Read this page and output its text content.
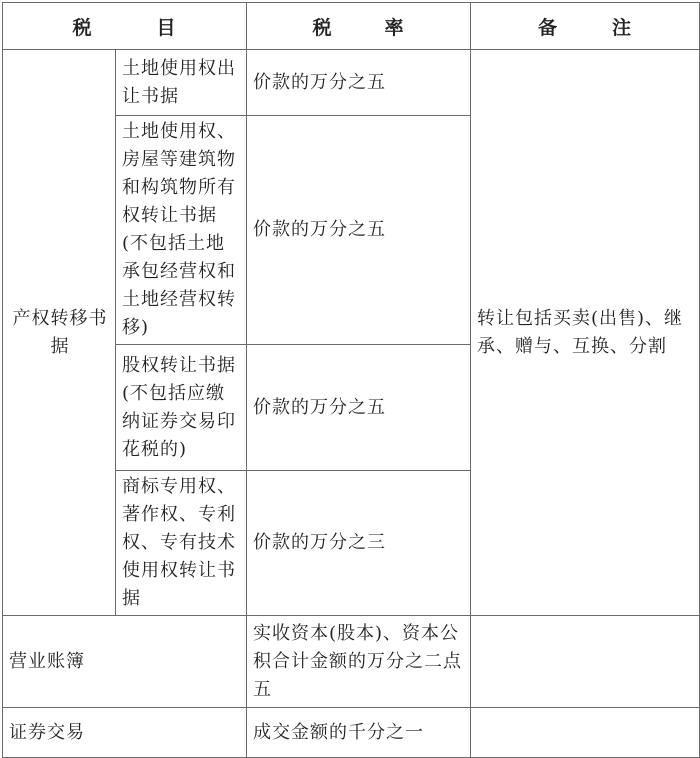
税 目		税 率	备 注

产权转移书据	土地使用权出让书据	价款的万分之五	转让包括买卖(出售)、继承、赠与、互换、分割

	土地使用权、房屋等建筑物和构筑物所有权转让书据(不包括土地承包经营权和土地经营权转移)	价款的万分之五	

	股权转让书据(不包括应缴纳证券交易印花税的)	价款的万分之五	

	商标专用权、著作权、专利权、专有技术使用权转让书据	价款的万分之三	

营业账簿		实收资本(股本)、资本公积合计金额的万分之二点五	

证券交易		成交金额的千分之一	
